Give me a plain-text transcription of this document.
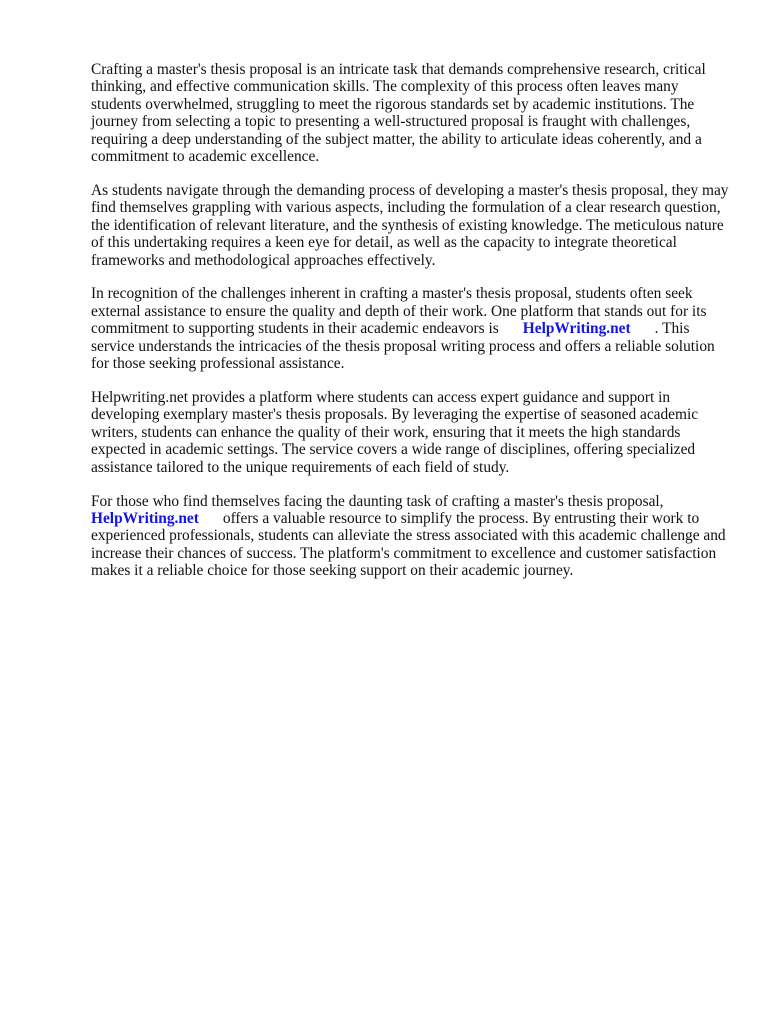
Crafting a master's thesis proposal is an intricate task that demands comprehensive research, critical thinking, and effective communication skills. The complexity of this process often leaves many students overwhelmed, struggling to meet the rigorous standards set by academic institutions. The journey from selecting a topic to presenting a well-structured proposal is fraught with challenges, requiring a deep understanding of the subject matter, the ability to articulate ideas coherently, and a commitment to academic excellence.

As students navigate through the demanding process of developing a master's thesis proposal, they may find themselves grappling with various aspects, including the formulation of a clear research question, the identification of relevant literature, and the synthesis of existing knowledge. The meticulous nature of this undertaking requires a keen eye for detail, as well as the capacity to integrate theoretical frameworks and methodological approaches effectively.

In recognition of the challenges inherent in crafting a master's thesis proposal, students often seek external assistance to ensure the quality and depth of their work. One platform that stands out for its commitment to supporting students in their academic endeavors is HelpWriting.net . This service understands the intricacies of the thesis proposal writing process and offers a reliable solution for those seeking professional assistance.

Helpwriting.net provides a platform where students can access expert guidance and support in developing exemplary master's thesis proposals. By leveraging the expertise of seasoned academic writers, students can enhance the quality of their work, ensuring that it meets the high standards expected in academic settings. The service covers a wide range of disciplines, offering specialized assistance tailored to the unique requirements of each field of study.

For those who find themselves facing the daunting task of crafting a master's thesis proposal, HelpWriting.net offers a valuable resource to simplify the process. By entrusting their work to experienced professionals, students can alleviate the stress associated with this academic challenge and increase their chances of success. The platform's commitment to excellence and customer satisfaction makes it a reliable choice for those seeking support on their academic journey.
